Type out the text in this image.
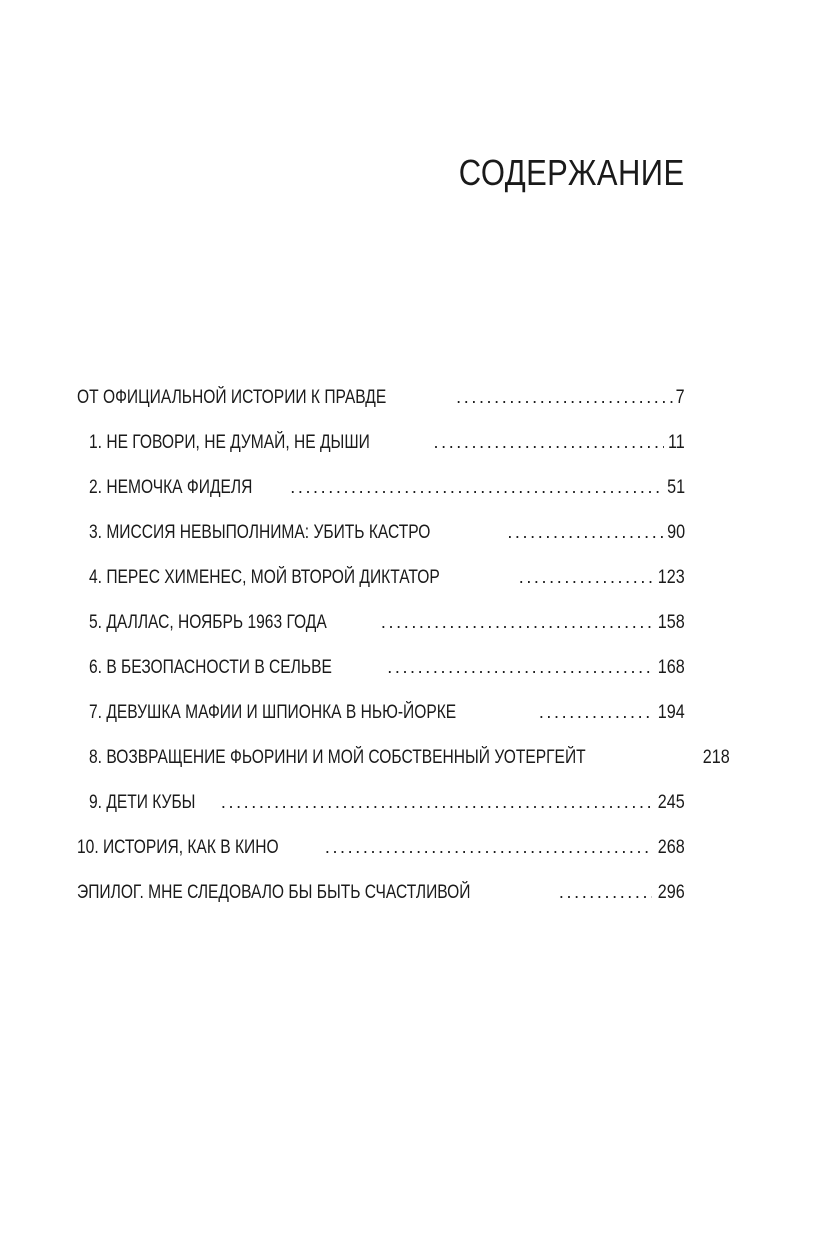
СОДЕРЖАНИЕ
ОТ ОФИЦИАЛЬНОЙ ИСТОРИИ К ПРАВДЕ . . .	7
1. НЕ ГОВОРИ, НЕ ДУМАЙ, НЕ ДЫШИ . . .	11
2. НЕМОЧКА ФИДЕЛЯ . . .	51
3. МИССИЯ НЕВЫПОЛНИМА: УБИТЬ КАСТРО . . .	90
4. ПЕРЕС ХИМЕНЕС, МОЙ ВТОРОЙ ДИКТАТОР . . .	123
5. ДАЛЛАС, НОЯБРЬ 1963 ГОДА . . .	158
6. В БЕЗОПАСНОСТИ В СЕЛЬВЕ . . .	168
7. ДЕВУШКА МАФИИ И ШПИОНКА В НЬЮ-ЙОРКЕ . . .	194
8. ВОЗВРАЩЕНИЕ ФЬОРИНИ И МОЙ СОБСТВЕННЫЙ УОТЕРГЕЙТ	218
9. ДЕТИ КУБЫ . . .	245
10. ИСТОРИЯ, КАК В КИНО . . .	268
ЭПИЛОГ. МНЕ СЛЕДОВАЛО БЫ БЫТЬ СЧАСТЛИВОЙ . . .	296
